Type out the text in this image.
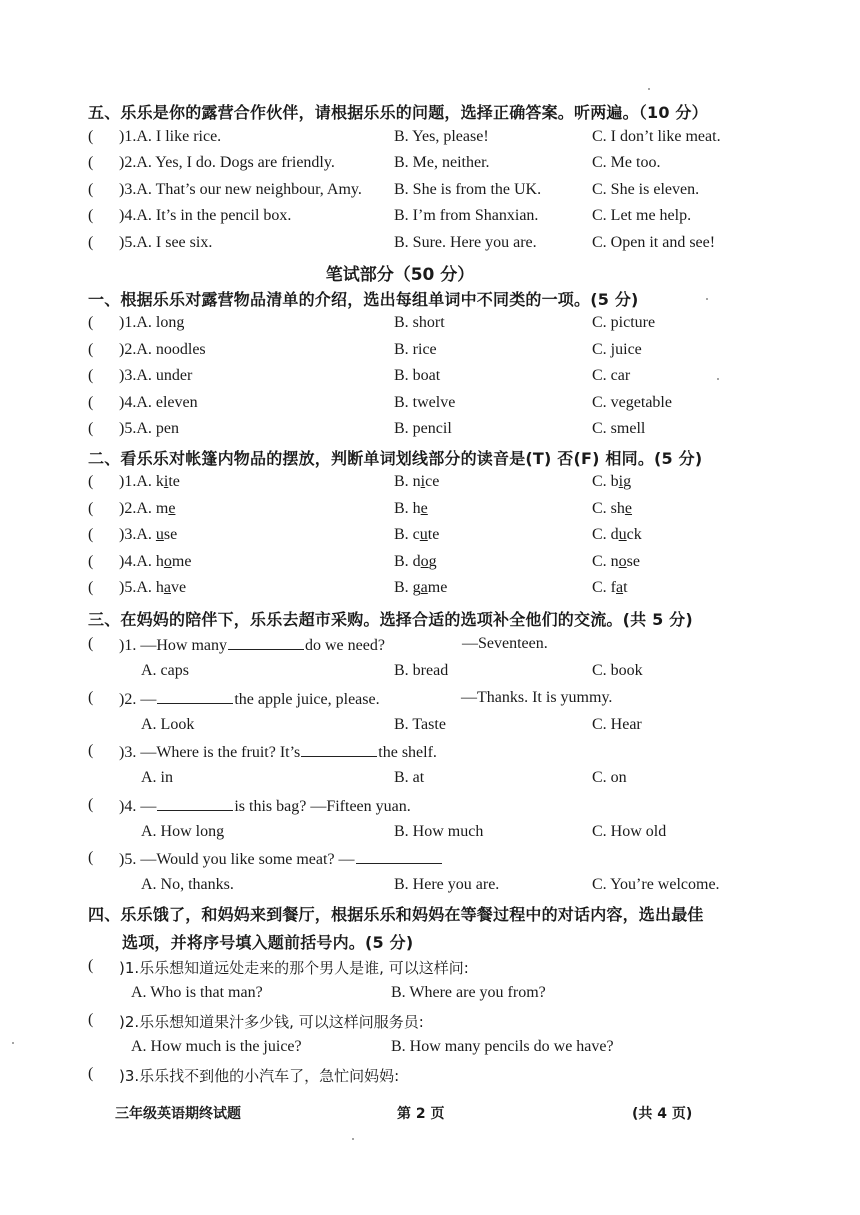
五、乐乐是你的露营合作伙伴，请根据乐乐的问题，选择正确答案。听两遍。（10 分）
( )1.A. I like rice.	B. Yes, please!	C. I don’t like meat.
( )2.A. Yes, I do. Dogs are friendly.	B. Me, neither.	C. Me too.
( )3.A. That’s our new neighbour, Amy. B. She is from the UK.	C. She is eleven.
( )4.A. It’s in the pencil box.	B. I’m from Shanxian.	C. Let me help.
( )5.A. I see six.	B. Sure. Here you are.	C. Open it and see!
笔试部分（50 分）
一、根据乐乐对露营物品清单的介绍，选出每组单词中不同类的一项。(5 分)
( )1.A. long	B. short	C. picture
( )2.A. noodles	B. rice	C. juice
( )3.A. under	B. boat	C. car
( )4.A. eleven	B. twelve	C. vegetable
( )5.A. pen	B. pencil	C. smell
二、看乐乐对帐篷内物品的摆放，判断单词划线部分的读音是(T) 否(F) 相同。(5 分)
( )1.A. kite	B. nice	C. big
( )2.A. me	B. he	C. she
( )3.A. use	B. cute	C. duck
( )4.A. home	B. dog	C. nose
( )5.A. have	B. game	C. fat
三、在妈妈的陪伴下，乐乐去超市采购。选择合适的选项补全他们的交流。(共 5 分)
( )1. —How many	do we need?	—Seventeen.
A. caps	B. bread	C. book
( )2. —	the apple juice, please.	—Thanks. It is yummy.
A. Look	B. Taste	C. Hear
( )3. —Where is the fruit? It’s	the shelf.
A. in	B. at	C. on
( )4. —	is this bag? —Fifteen yuan.
A. How long	B. How much	C. How old
( )5. —Would you like some meat? —
A. No, thanks.	B. Here you are.	C. You’re welcome.
四、乐乐饿了，和妈妈来到餐厅，根据乐乐和妈妈在等餐过程中的对话内容，选出最佳
选项，并将序号填入题前括号内。(5 分)
( )1.乐乐想知道远处走来的那个男人是谁, 可以这样问:
A. Who is that man?	B. Where are you from?
( )2.乐乐想知道果汁多少钱, 可以这样问服务员:
A. How much is the juice?	B. How many pencils do we have?
( )3.乐乐找不到他的小汽车了，急忙问妈妈:
三年级英语期终试题	第 2 页	(共 4 页)
